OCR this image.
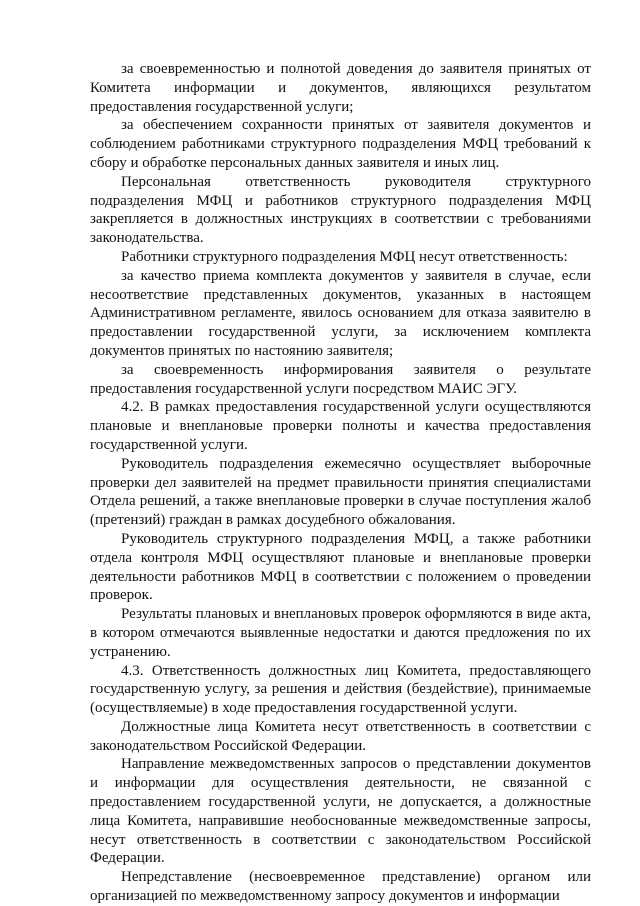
за своевременностью и полнотой доведения до заявителя принятых от Комитета информации и документов, являющихся результатом предоставления государственной услуги;

за обеспечением сохранности принятых от заявителя документов и соблюдением работниками структурного подразделения МФЦ требований к сбору и обработке персональных данных заявителя и иных лиц.

Персональная ответственность руководителя структурного подразделения МФЦ и работников структурного подразделения МФЦ закрепляется в должностных инструкциях в соответствии с требованиями законодательства.

Работники структурного подразделения МФЦ несут ответственность:

за качество приема комплекта документов у заявителя в случае, если несоответствие представленных документов, указанных в настоящем Административном регламенте, явилось основанием для отказа заявителю в предоставлении государственной услуги, за исключением комплекта документов принятых по настоянию заявителя;

за своевременность информирования заявителя о результате предоставления государственной услуги посредством МАИС ЭГУ.

4.2. В рамках предоставления государственной услуги осуществляются плановые и внеплановые проверки полноты и качества предоставления государственной услуги.

Руководитель подразделения ежемесячно осуществляет выборочные проверки дел заявителей на предмет правильности принятия специалистами Отдела решений, а также внеплановые проверки в случае поступления жалоб (претензий) граждан в рамках досудебного обжалования.

Руководитель структурного подразделения МФЦ, а также работники отдела контроля МФЦ осуществляют плановые и внеплановые проверки деятельности работников МФЦ в соответствии с положением о проведении проверок.

Результаты плановых и внеплановых проверок оформляются в виде акта, в котором отмечаются выявленные недостатки и даются предложения по их устранению.

4.3. Ответственность должностных лиц Комитета, предоставляющего государственную услугу, за решения и действия (бездействие), принимаемые (осуществляемые) в ходе предоставления государственной услуги.

Должностные лица Комитета несут ответственность в соответствии с законодательством Российской Федерации.

Направление межведомственных запросов о представлении документов и информации для осуществления деятельности, не связанной с предоставлением государственной услуги, не допускается, а должностные лица Комитета, направившие необоснованные межведомственные запросы, несут ответственность в соответствии с законодательством Российской Федерации.

Непредставление (несвоевременное представление) органом или организацией по межведомственному запросу документов и информации
